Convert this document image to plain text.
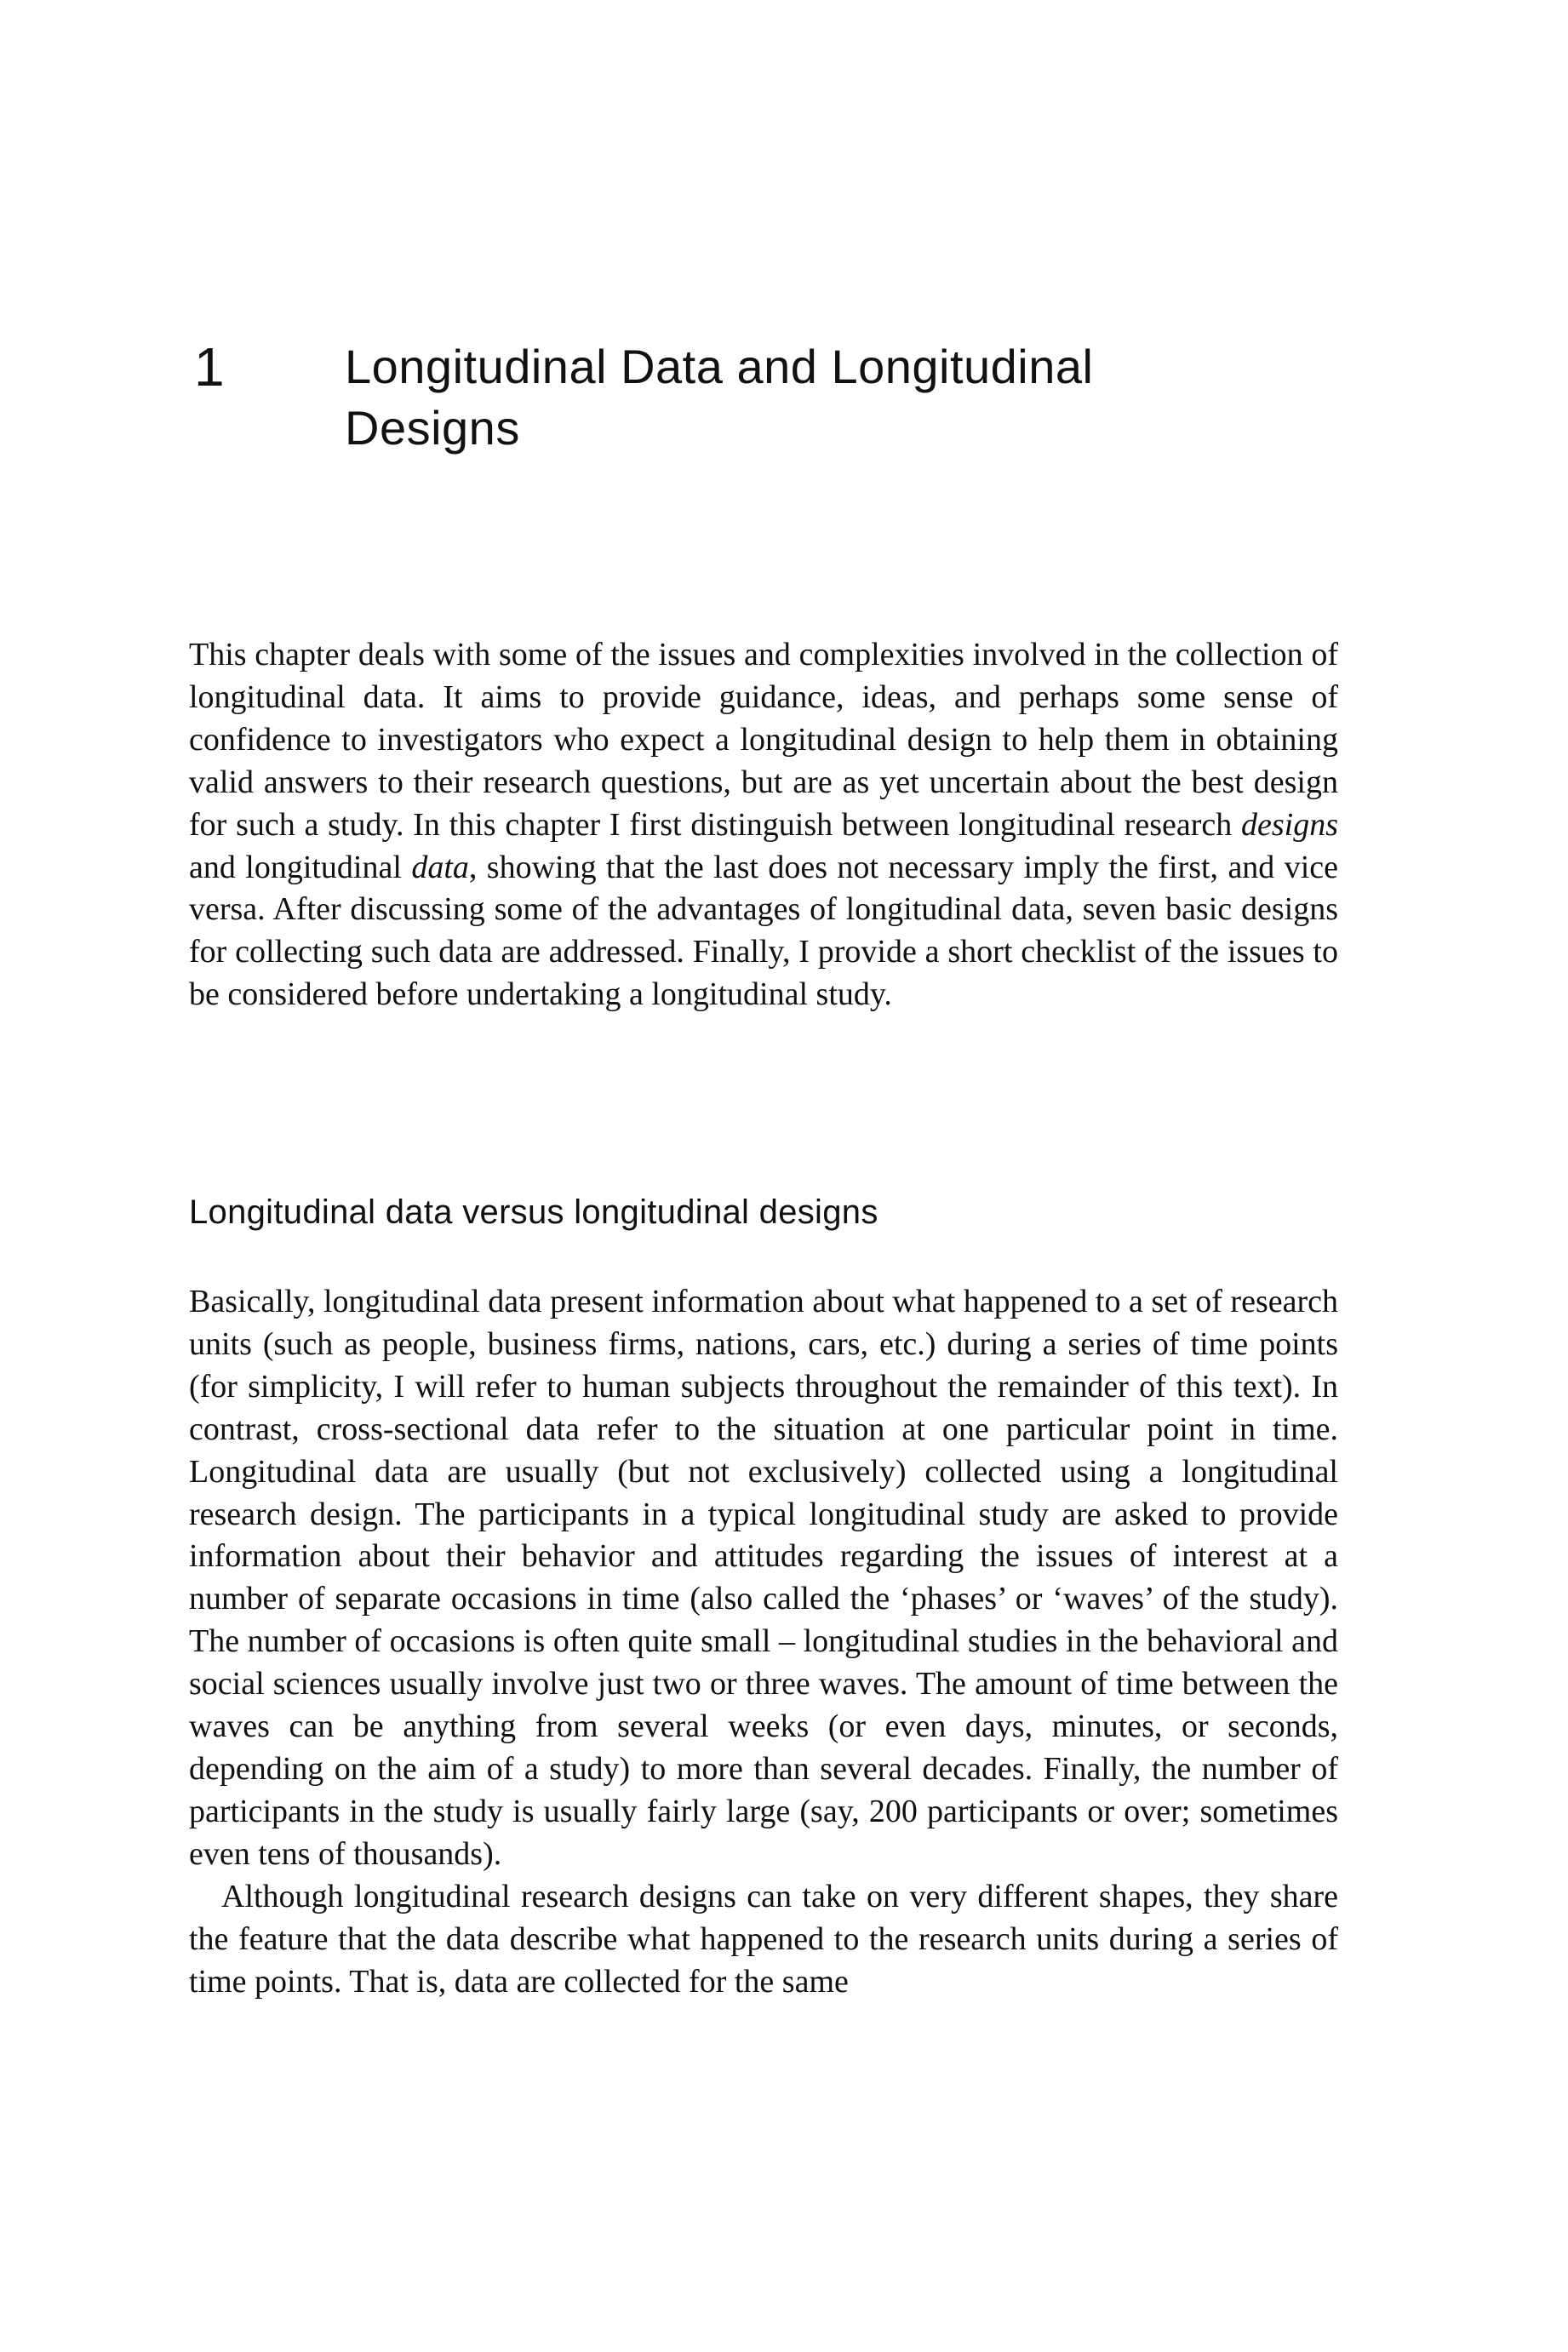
1	Longitudinal Data and Longitudinal
Designs

This chapter deals with some of the issues and complexities involved in the collection of longitudinal data. It aims to provide guidance, ideas, and perhaps some sense of confidence to investigators who expect a longitudinal design to help them in obtaining valid answers to their research questions, but are as yet uncertain about the best design for such a study. In this chapter I first distinguish between longitudinal research designs and longitudinal data, showing that the last does not necessary imply the first, and vice versa. After discussing some of the advantages of longitudinal data, seven basic designs for collecting such data are addressed. Finally, I provide a short checklist of the issues to be considered before undertaking a longitudinal study.

Longitudinal data versus longitudinal designs

Basically, longitudinal data present information about what happened to a set of research units (such as people, business firms, nations, cars, etc.) during a series of time points (for simplicity, I will refer to human subjects throughout the remainder of this text). In contrast, cross-sectional data refer to the situation at one particular point in time. Longitudinal data are usually (but not exclusively) collected using a longitudinal research design. The participants in a typical longitudinal study are asked to provide information about their behavior and attitudes regarding the issues of interest at a number of separate occasions in time (also called the ‘phases’ or ‘waves’ of the study). The number of occasions is often quite small – longitudinal studies in the behavioral and social sciences usually involve just two or three waves. The amount of time between the waves can be anything from several weeks (or even days, minutes, or seconds, depending on the aim of a study) to more than several decades. Finally, the number of participants in the study is usually fairly large (say, 200 participants or over; sometimes even tens of thousands).

Although longitudinal research designs can take on very different shapes, they share the feature that the data describe what happened to the research units during a series of time points. That is, data are collected for the same
